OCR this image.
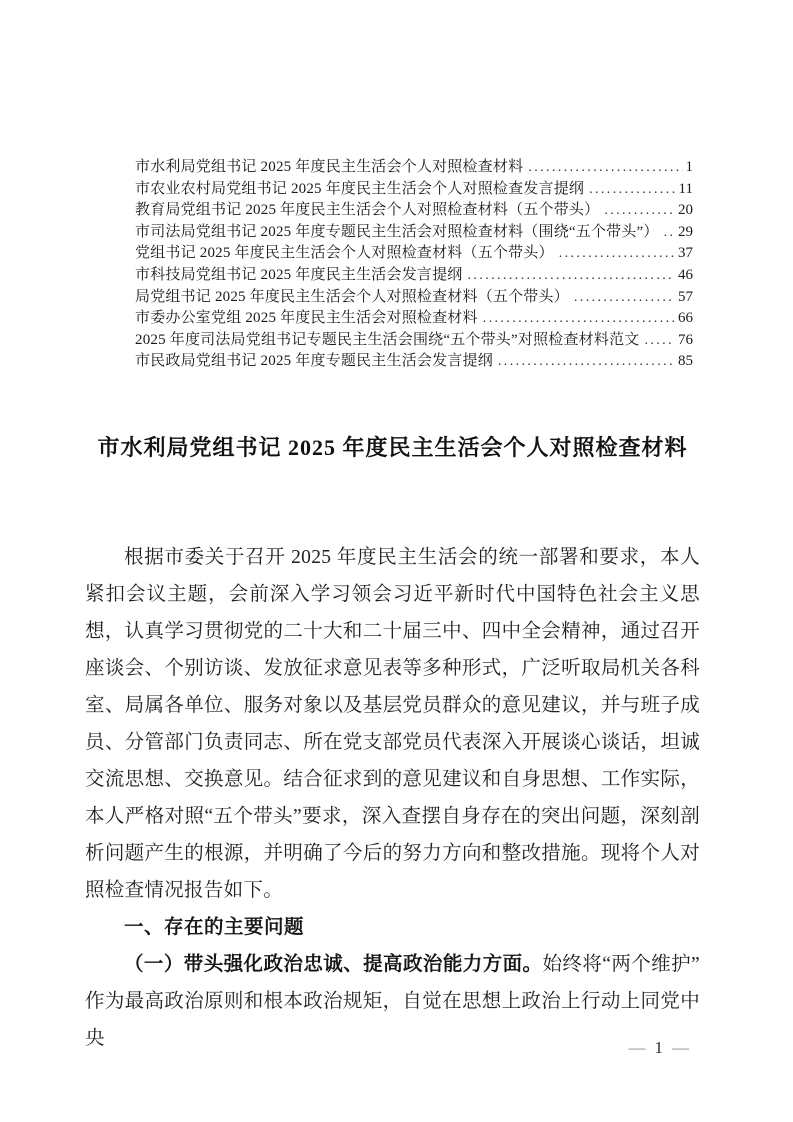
市水利局党组书记 2025 年度民主生活会个人对照检查材料 .....	1
市农业农村局党组书记 2025 年度民主生活会个人对照检查发言提纲 .....	11
教育局党组书记 2025 年度民主生活会个人对照检查材料（五个带头） .....	20
市司法局党组书记 2025 年度专题民主生活会对照检查材料（围绕“五个带头”） ..... 29
党组书记 2025 年度民主生活会个人对照检查材料（五个带头） .....	37
市科技局党组书记 2025 年度民主生活会发言提纲 .....	46
局党组书记 2025 年度民主生活会个人对照检查材料（五个带头） .....	57
市委办公室党组 2025 年度民主生活会对照检查材料 .....	66
2025 年度司法局党组书记专题民主生活会围绕“五个带头”对照检查材料范文 .....	76
市民政局党组书记 2025 年度专题民主生活会发言提纲 .....	85
市水利局党组书记 2025 年度民主生活会个人对照检查材料

根据市委关于召开 2025 年度民主生活会的统一部署和要求，本人紧扣会议主题，会前深入学习领会习近平新时代中国特色社会主义思想，认真学习贯彻党的二十大和二十届三中、四中全会精神，通过召开座谈会、个别访谈、发放征求意见表等多种形式，广泛听取局机关各科室、局属各单位、服务对象以及基层党员群众的意见建议，并与班子成员、分管部门负责同志、所在党支部党员代表深入开展谈心谈话，坦诚交流思想、交换意见。结合征求到的意见建议和自身思想、工作实际，本人严格对照“五个带头”要求，深入查摆自身存在的突出问题，深刻剖析问题产生的根源，并明确了今后的努力方向和整改措施。现将个人对照检查情况报告如下。

一、存在的主要问题

（一）带头强化政治忠诚、提高政治能力方面。始终将“两个维护”作为最高政治原则和根本政治规矩，自觉在思想上政治上行动上同党中央	— 1 —
